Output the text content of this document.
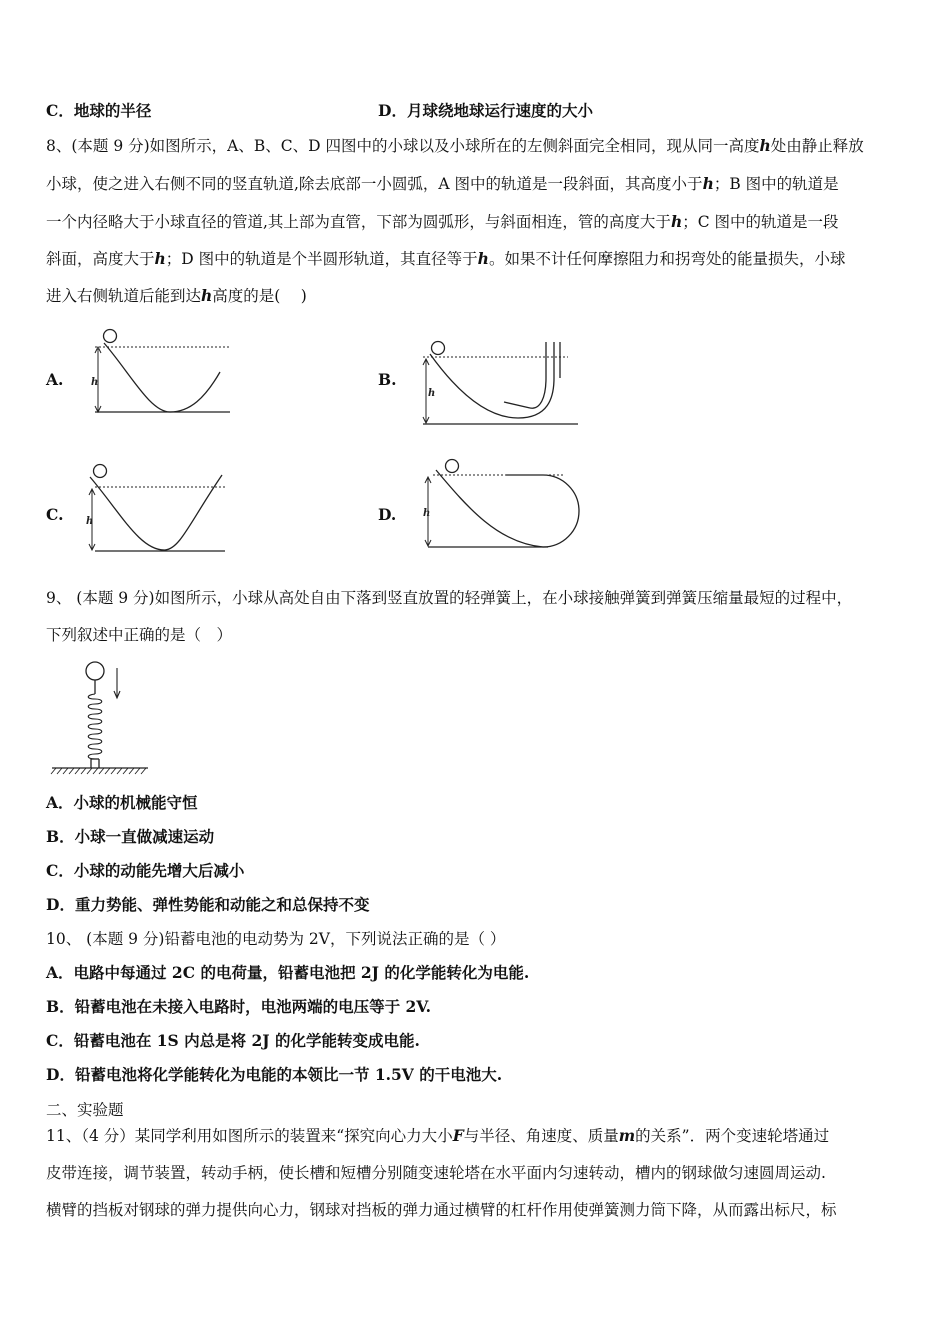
C．地球的半径	D．月球绕地球运行速度的大小
8、(本题 9 分)如图所示，A、B、C、D 四图中的小球以及小球所在的左侧斜面完全相同，现从同一高度h处由静止释放
小球，使之进入右侧不同的竖直轨道,除去底部一小圆弧，A 图中的轨道是一段斜面，其高度小于h；B 图中的轨道是
一个内径略大于小球直径的管道,其上部为直管，下部为圆弧形，与斜面相连，管的高度大于h；C 图中的轨道是一段
斜面，高度大于h；D 图中的轨道是个半圆形轨道，其直径等于h。如果不计任何摩擦阻力和拐弯处的能量损失，小球
进入右侧轨道后能到达h高度的是(　 )
A.	B.
C.	D.
h
h
h
h
9、 (本题 9 分)如图所示，小球从高处自由下落到竖直放置的轻弹簧上，在小球接触弹簧到弹簧压缩量最短的过程中，
下列叙述中正确的是（　）
A．小球的机械能守恒
B．小球一直做减速运动
C．小球的动能先增大后减小
D．重力势能、弹性势能和动能之和总保持不变
10、 (本题 9 分)铅蓄电池的电动势为 2V，下列说法正确的是（ ）
A．电路中每通过 2C 的电荷量，铅蓄电池把 2J 的化学能转化为电能.
B．铅蓄电池在未接入电路时，电池两端的电压等于 2V.
C．铅蓄电池在 1S 内总是将 2J 的化学能转变成电能.
D．铅蓄电池将化学能转化为电能的本领比一节 1.5V 的干电池大.
二、实验题
11、（4 分）某同学利用如图所示的装置来“探究向心力大小F与半径、角速度、质量m的关系”．两个变速轮塔通过
皮带连接，调节装置，转动手柄，使长槽和短槽分别随变速轮塔在水平面内匀速转动，槽内的钢球做匀速圆周运动.
横臂的挡板对钢球的弹力提供向心力，钢球对挡板的弹力通过横臂的杠杆作用使弹簧测力筒下降，从而露出标尺，标
